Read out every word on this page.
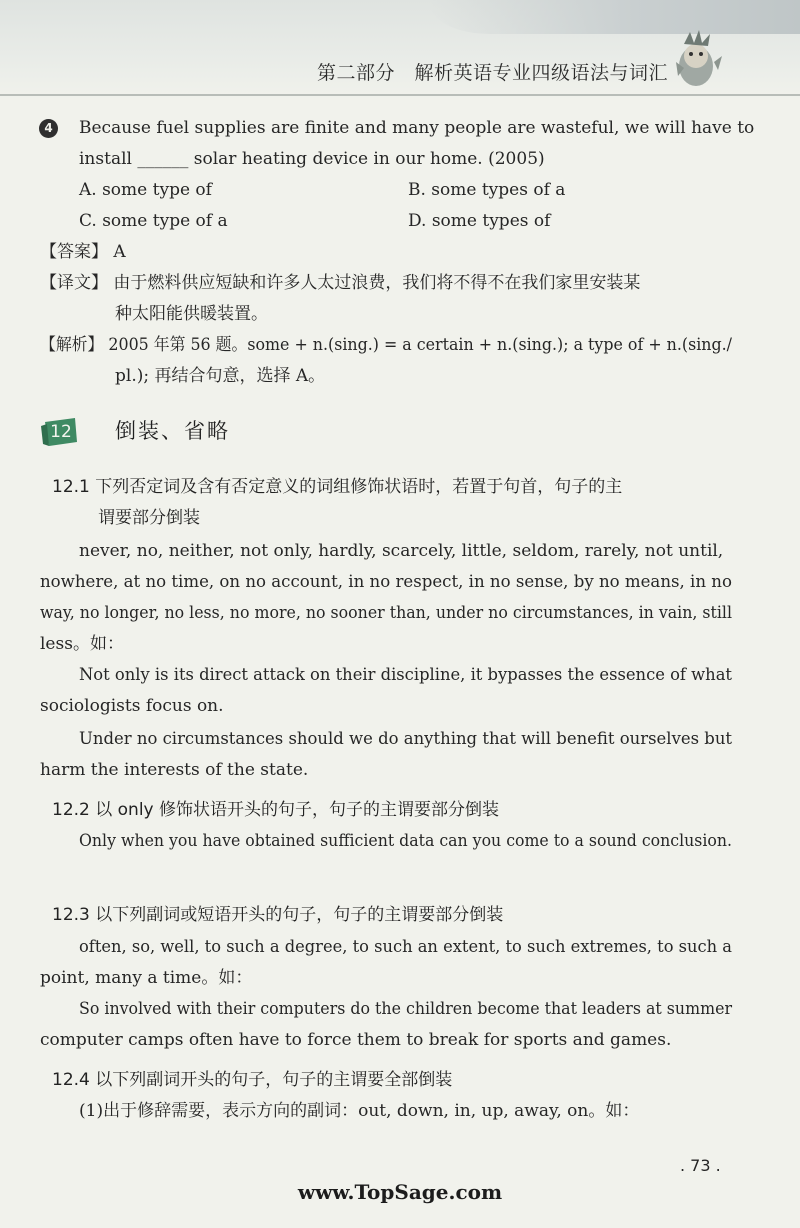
第二部分　解析英语专业四级语法与词汇
4	Because fuel supplies are finite and many people are wasteful, we will have to
install ______ solar heating device in our home. (2005)
A. some type of	B. some types of a
C. some type of a	D. some types of
【答案】 A
【译文】 由于燃料供应短缺和许多人太过浪费，我们将不得不在我们家里安装某
种太阳能供暖装置。
【解析】 2005 年第 56 题。some + n.(sing.) = a certain + n.(sing.); a type of + n.(sing./
pl.); 再结合句意，选择 A。
12 倒装、省略
12.1 下列否定词及含有否定意义的词组修饰状语时，若置于句首，句子的主
谓要部分倒装
never, no, neither, not only, hardly, scarcely, little, seldom, rarely, not until,
nowhere, at no time, on no account, in no respect, in no sense, by no means, in no
way, no longer, no less, no more, no sooner than, under no circumstances, in vain, still
less。如：
Not only is its direct attack on their discipline, it bypasses the essence of what
sociologists focus on.
Under no circumstances should we do anything that will benefit ourselves but
harm the interests of the state.
12.2 以 only 修饰状语开头的句子，句子的主谓要部分倒装
Only when you have obtained sufficient data can you come to a sound conclusion.
12.3 以下列副词或短语开头的句子，句子的主谓要部分倒装
often, so, well, to such a degree, to such an extent, to such extremes, to such a
point, many a time。如：
So involved with their computers do the children become that leaders at summer
computer camps often have to force them to break for sports and games.
12.4 以下列副词开头的句子，句子的主谓要全部倒装
(1)出于修辞需要，表示方向的副词：out, down, in, up, away, on。如：
. 73 .
www.TopSage.com
